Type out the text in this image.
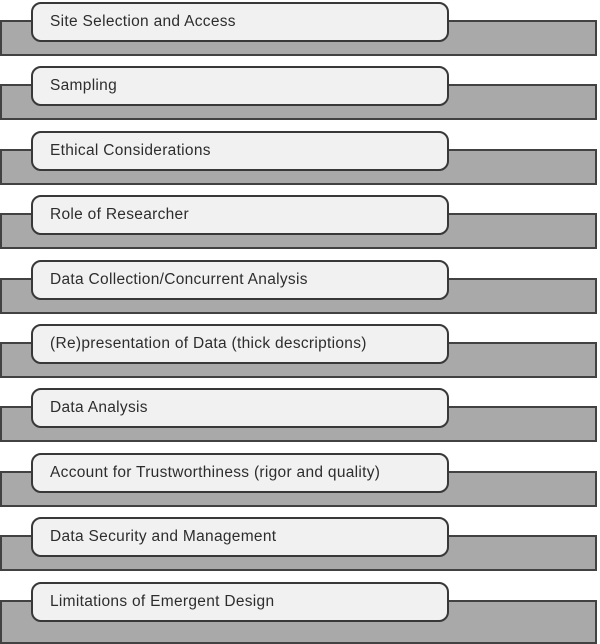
Site Selection and Access
Sampling
Ethical Considerations
Role of Researcher
Data Collection/Concurrent Analysis
(Re)presentation of Data (thick descriptions)
Data Analysis
Account for Trustworthiness (rigor and quality)
Data Security and Management
Limitations of Emergent Design
